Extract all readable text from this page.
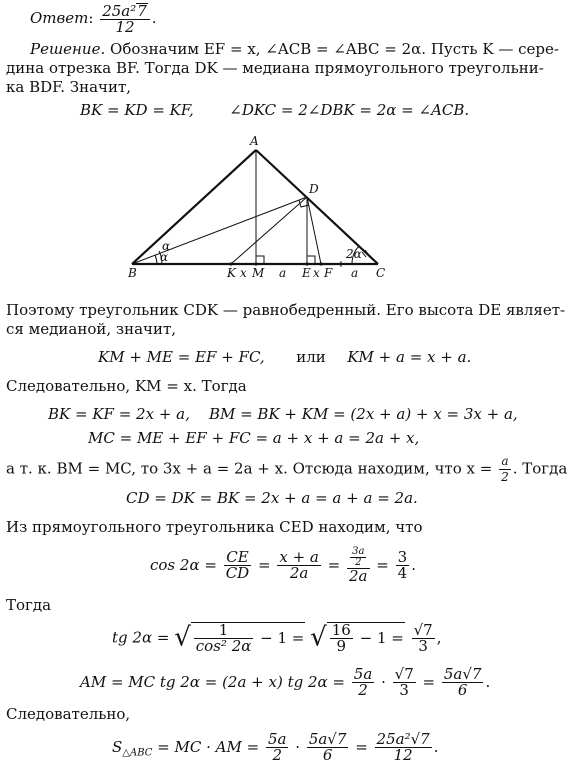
Ответ: $\frac{\text{25a²7}}{12}$ .
Решение. Обозначим EF = x, ∠ACB = ∠ABC = 2α. Пусть K — сере-
дина отрезка BF. Тогда DK — медиана прямоугольного треугольни-
ка BDF. Значит,
BK = KD = KF, ∠DKC = 2∠DBK = 2α = ∠ACB.
A
D
B	C
K x M a E x F a
α
α	2α
Поэтому треугольник CDK — равнобедренный. Его высота DE являет-
ся медианой, значит,
KM + ME = EF + FC, или KM + a = x + a.
Следовательно, KM = x. Тогда
BK = KF = 2x + a,    BM = BK + KM = (2x + a) + x = 3x + a,
MC = ME + EF + FC = a + x + a = 2a + x,
а т. к. BM = MC, то 3x + a = 2a + x. Отсюда находим, что $x = \frac{a}{2}$ . Тогда
CD = DK = BK = 2x + a = a + a = 2a.
Из прямоугольного треугольника CED находим, что
$\cos 2\alpha = \frac{CE}{CD} = \frac{x + a}{2a} = \frac{\frac{3a}{2}}{2a} = \frac{3}{4}$ .
Тогда
tg 2α = √ $\frac{1}{\text{cos² 2α}} - 1$ = √ $\frac{16}{9} - 1 = \frac{√7}{3}$ ,
AM = MC tg 2α = (2a + x) tg $2\alpha = \frac{5a}{2} \cdot \frac{√7}{3} = \frac{5a√7}{6}$ .
Следовательно,
$S_{\triangle ABC}$ = MC · AM = $\frac{5a}{2} \cdot \frac{5a√7}{6} = \frac{\text{25a²√7}}{12}$ .
